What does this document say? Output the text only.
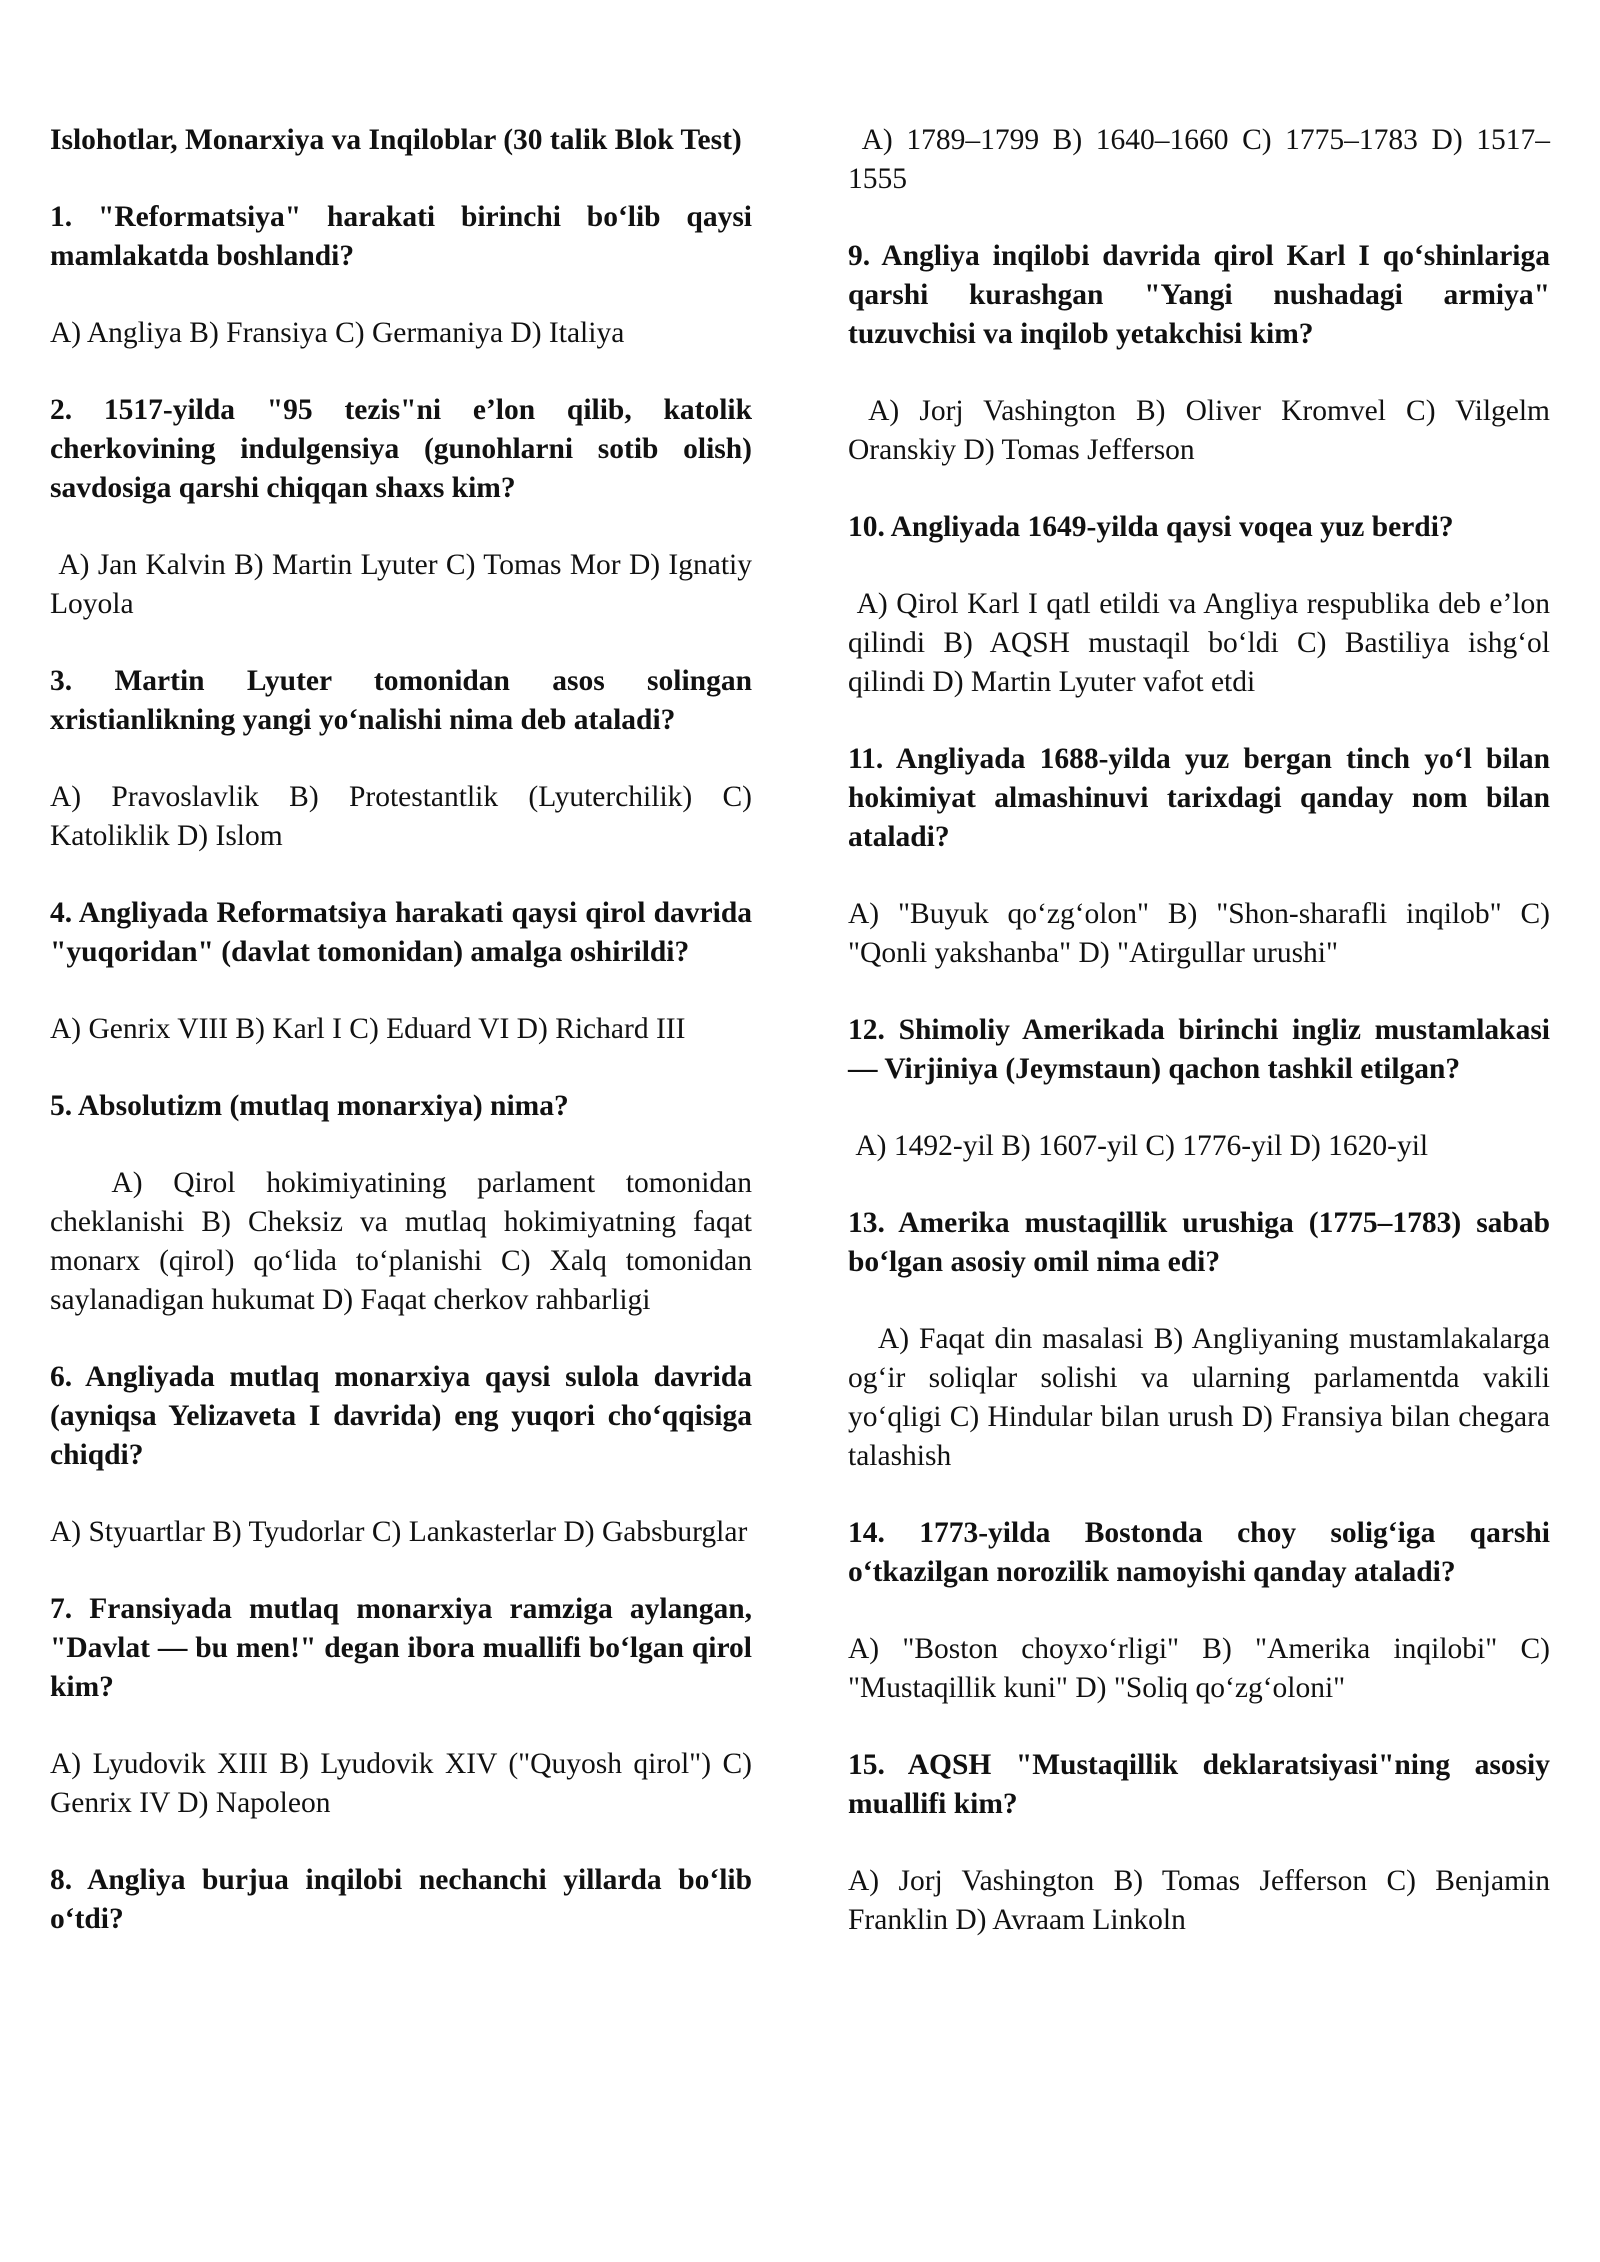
Islohotlar, Monarxiya va Inqiloblar (30 talik Blok Test)
1. "Reformatsiya" harakati birinchi bo‘lib qaysi mamlakatda boshlandi?
A) Angliya B) Fransiya C) Germaniya D) Italiya
2. 1517-yilda "95 tezis"ni e’lon qilib, katolik cherkovining indulgensiya (gunohlarni sotib olish) savdosiga qarshi chiqqan shaxs kim?
A) Jan Kalvin B) Martin Lyuter C) Tomas Mor D) Ignatiy Loyola
3. Martin Lyuter tomonidan asos solingan xristianlikning yangi yo‘nalishi nima deb ataladi?
A) Pravoslavlik B) Protestantlik (Lyuterchilik) C) Katoliklik D) Islom
4. Angliyada Reformatsiya harakati qaysi qirol davrida "yuqoridan" (davlat tomonidan) amalga oshirildi?
A) Genrix VIII B) Karl I C) Eduard VI D) Richard III
5. Absolutizm (mutlaq monarxiya) nima?
A) Qirol hokimiyatining parlament tomonidan cheklanishi B) Cheksiz va mutlaq hokimiyatning faqat monarx (qirol) qo‘lida to‘planishi C) Xalq tomonidan saylanadigan hukumat D) Faqat cherkov rahbarligi
6. Angliyada mutlaq monarxiya qaysi sulola davrida (ayniqsa Yelizaveta I davrida) eng yuqori cho‘qqisiga chiqdi?
A) Styuartlar B) Tyudorlar C) Lankasterlar D) Gabsburglar
7. Fransiyada mutlaq monarxiya ramziga aylangan, "Davlat — bu men!" degan ibora muallifi bo‘lgan qirol kim?
A) Lyudovik XIII B) Lyudovik XIV ("Quyosh qirol") C) Genrix IV D) Napoleon
8. Angliya burjua inqilobi nechanchi yillarda bo‘lib o‘tdi?
A) 1789–1799 B) 1640–1660 C) 1775–1783 D) 1517–1555
9. Angliya inqilobi davrida qirol Karl I qo‘shinlariga qarshi kurashgan "Yangi nushadagi armiya" tuzuvchisi va inqilob yetakchisi kim?
A) Jorj Vashington B) Oliver Kromvel C) Vilgelm Oranskiy D) Tomas Jefferson
10. Angliyada 1649-yilda qaysi voqea yuz berdi?
A) Qirol Karl I qatl etildi va Angliya respublika deb e’lon qilindi B) AQSH mustaqil bo‘ldi C) Bastiliya ishg‘ol qilindi D) Martin Lyuter vafot etdi
11. Angliyada 1688-yilda yuz bergan tinch yo‘l bilan hokimiyat almashinuvi tarixdagi qanday nom bilan ataladi?
A) "Buyuk qo‘zg‘olon" B) "Shon-sharafli inqilob" C) "Qonli yakshanba" D) "Atirgullar urushi"
12. Shimoliy Amerikada birinchi ingliz mustamlakasi — Virjiniya (Jeymstaun) qachon tashkil etilgan?
A) 1492-yil B) 1607-yil C) 1776-yil D) 1620-yil
13. Amerika mustaqillik urushiga (1775–1783) sabab bo‘lgan asosiy omil nima edi?
A) Faqat din masalasi B) Angliyaning mustamlakalarga og‘ir soliqlar solishi va ularning parlamentda vakili yo‘qligi C) Hindular bilan urush D) Fransiya bilan chegara talashish
14. 1773-yilda Bostonda choy solig‘iga qarshi o‘tkazilgan norozilik namoyishi qanday ataladi?
A) "Boston choyxo‘rligi" B) "Amerika inqilobi" C) "Mustaqillik kuni" D) "Soliq qo‘zg‘oloni"
15. AQSH "Mustaqillik deklaratsiyasi"ning asosiy muallifi kim?
A) Jorj Vashington B) Tomas Jefferson C) Benjamin Franklin D) Avraam Linkoln
